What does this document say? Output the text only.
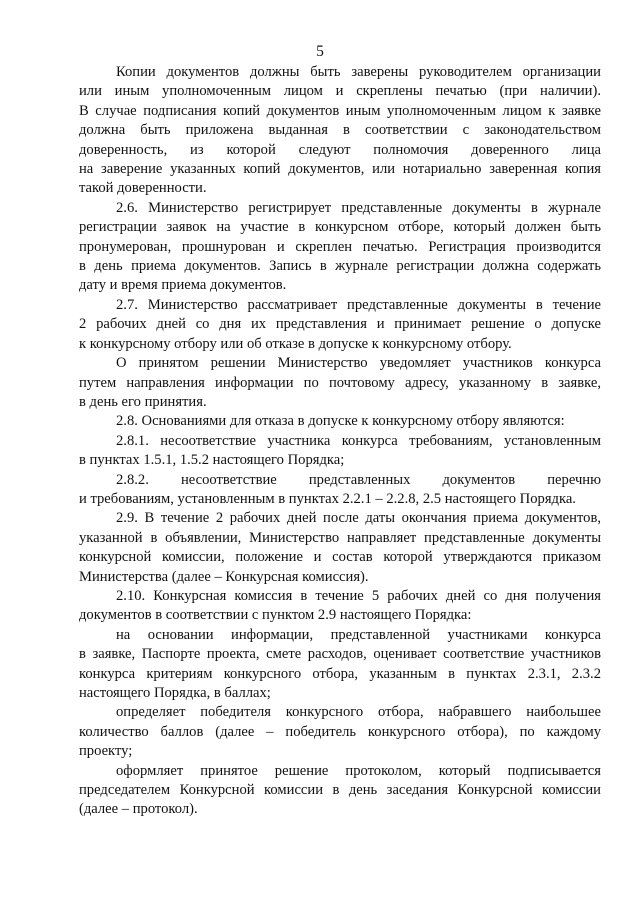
5

Копии документов должны быть заверены руководителем организации
или иным уполномоченным лицом и скреплены печатью (при наличии).
В случае подписания копий документов иным уполномоченным лицом к заявке
должна быть приложена выданная в соответствии с законодательством
доверенность, из которой следуют полномочия доверенного лица
на заверение указанных копий документов, или нотариально заверенная копия
такой доверенности.

2.6. Министерство регистрирует представленные документы в журнале
регистрации заявок на участие в конкурсном отборе, который должен быть
пронумерован, прошнурован и скреплен печатью. Регистрация производится
в день приема документов. Запись в журнале регистрации должна содержать
дату и время приема документов.

2.7. Министерство рассматривает представленные документы в течение
2 рабочих дней со дня их представления и принимает решение о допуске
к конкурсному отбору или об отказе в допуске к конкурсному отбору.

О принятом решении Министерство уведомляет участников конкурса
путем направления информации по почтовому адресу, указанному в заявке,
в день его принятия.

2.8. Основаниями для отказа в допуске к конкурсному отбору являются:

2.8.1. несоответствие участника конкурса требованиям, установленным
в пунктах 1.5.1, 1.5.2 настоящего Порядка;

2.8.2. несоответствие представленных документов перечню
и требованиям, установленным в пунктах 2.2.1 – 2.2.8, 2.5 настоящего Порядка.

2.9. В течение 2 рабочих дней после даты окончания приема документов,
указанной в объявлении, Министерство направляет представленные документы
конкурсной комиссии, положение и состав которой утверждаются приказом
Министерства (далее – Конкурсная комиссия).

2.10. Конкурсная комиссия в течение 5 рабочих дней со дня получения
документов в соответствии с пунктом 2.9 настоящего Порядка:

на основании информации, представленной участниками конкурса
в заявке, Паспорте проекта, смете расходов, оценивает соответствие участников
конкурса критериям конкурсного отбора, указанным в пунктах 2.3.1, 2.3.2
настоящего Порядка, в баллах;

определяет победителя конкурсного отбора, набравшего наибольшее
количество баллов (далее – победитель конкурсного отбора), по каждому
проекту;

оформляет принятое решение протоколом, который подписывается
председателем Конкурсной комиссии в день заседания Конкурсной комиссии
(далее – протокол).
